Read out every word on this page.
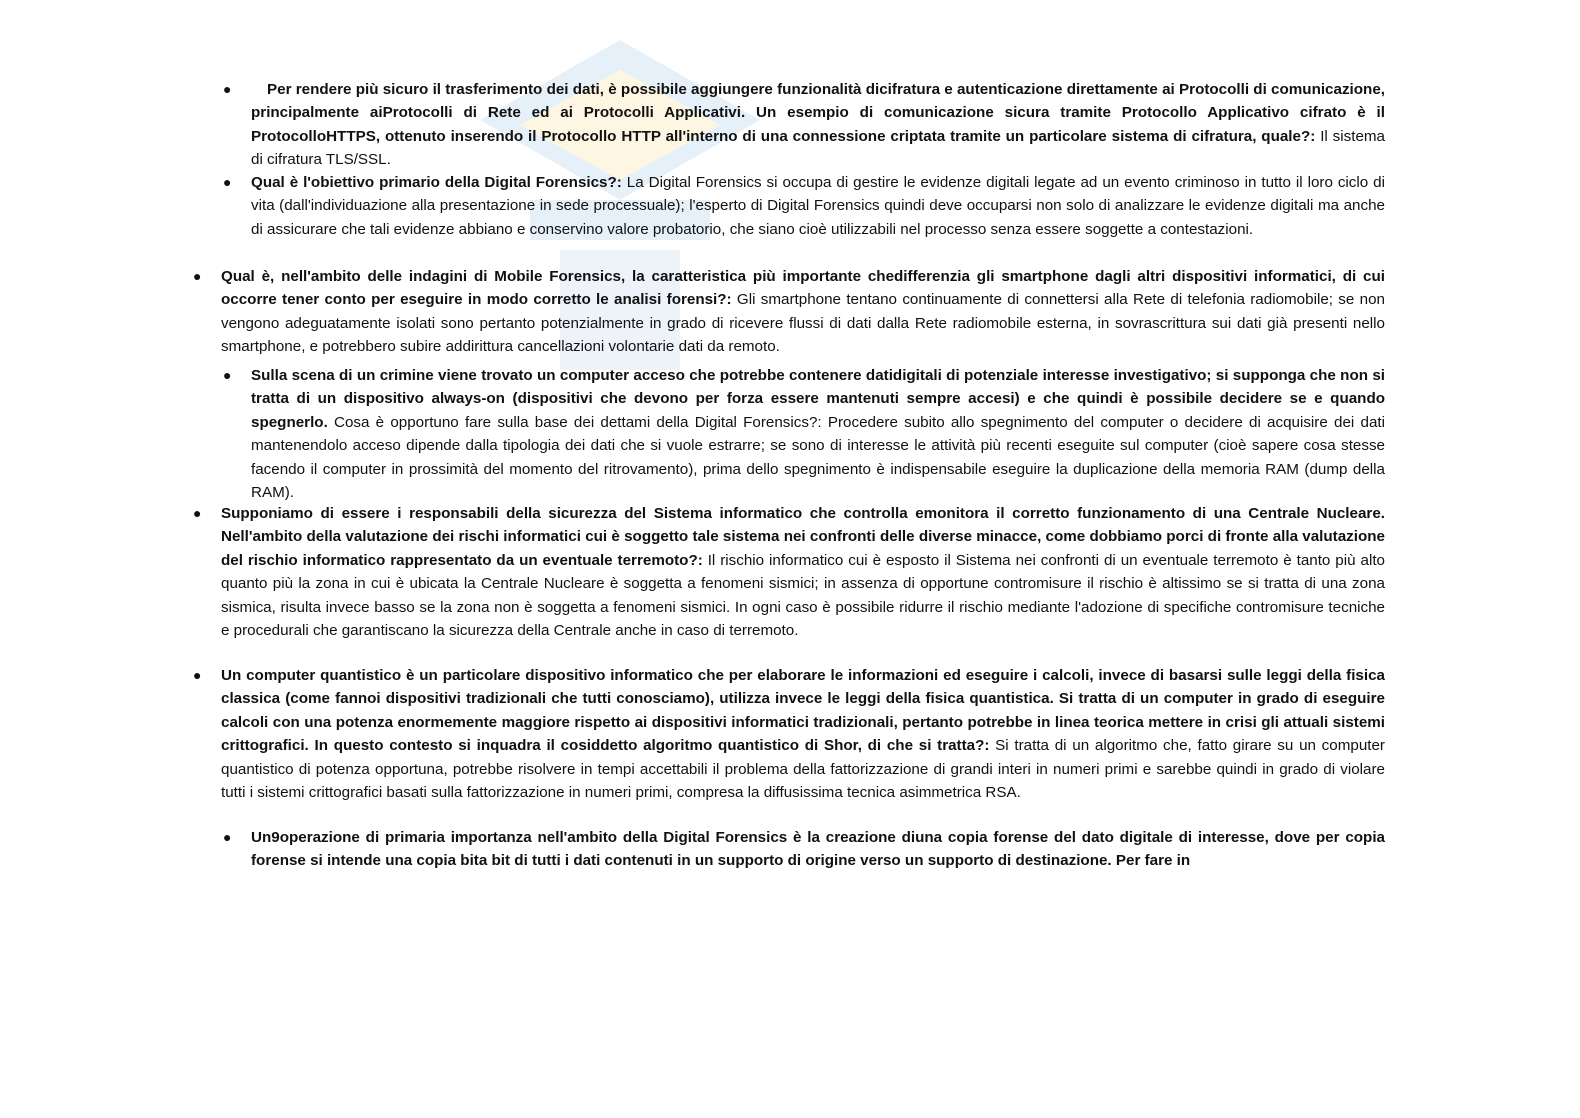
●	Per rendere più sicuro il trasferimento dei dati, è possibile aggiungere funzionalità dicifratura e autenticazione direttamente ai Protocolli di comunicazione, principalmente aiProtocolli di Rete ed ai Protocolli Applicativi. Un esempio di comunicazione sicura tramite Protocollo Applicativo cifrato è il ProtocolloHTTPS, ottenuto inserendo il Protocollo HTTP all'interno di una connessione criptata tramite un particolare sistema di cifratura, quale?: Il sistema di cifratura TLS/SSL.

● Qual è l'obiettivo primario della Digital Forensics?: La Digital Forensics si occupa di gestire le evidenze digitali legate ad un evento criminoso in tutto il loro ciclo di vita (dall'individuazione alla presentazione in sede processuale); l'esperto di Digital Forensics quindi deve occuparsi non solo di analizzare le evidenze digitali ma anche di assicurare che tali evidenze abbiano e conservino valore probatorio, che siano cioè utilizzabili nel processo senza essere soggette a contestazioni.

● Qual è, nell'ambito delle indagini di Mobile Forensics, la caratteristica più importante chedifferenzia gli smartphone dagli altri dispositivi informatici, di cui occorre tener conto per eseguire in modo corretto le analisi forensi?: Gli smartphone tentano continuamente di connettersi alla Rete di telefonia radiomobile; se non vengono adeguatamente isolati sono pertanto potenzialmente in grado di ricevere flussi di dati dalla Rete radiomobile esterna, in sovrascrittura sui dati già presenti nello smartphone, e potrebbero subire addirittura cancellazioni volontarie dati da remoto.

● Sulla scena di un crimine viene trovato un computer acceso che potrebbe contenere datidigitali di potenziale interesse investigativo; si supponga che non si tratta di un dispositivo always-on (dispositivi che devono per forza essere mantenuti sempre accesi) e che quindi è possibile decidere se e quando spegnerlo. Cosa è opportuno fare sulla base dei dettami della Digital Forensics?: Procedere subito allo spegnimento del computer o decidere di acquisire dei dati mantenendolo acceso dipende dalla tipologia dei dati che si vuole estrarre; se sono di interesse le attività più recenti eseguite sul computer (cioè sapere cosa stesse facendo il computer in prossimità del momento del ritrovamento), prima dello spegnimento è indispensabile eseguire la duplicazione della memoria RAM (dump della RAM).

● Supponiamo di essere i responsabili della sicurezza del Sistema informatico che controlla emonitora il corretto funzionamento di una Centrale Nucleare. Nell'ambito della valutazione dei rischi informatici cui è soggetto tale sistema nei confronti delle diverse minacce, come dobbiamo porci di fronte alla valutazione del rischio informatico rappresentato da un eventuale terremoto?: Il rischio informatico cui è esposto il Sistema nei confronti di un eventuale terremoto è tanto più alto quanto più la zona in cui è ubicata la Centrale Nucleare è soggetta a fenomeni sismici; in assenza di opportune contromisure il rischio è altissimo se si tratta di una zona sismica, risulta invece basso se la zona non è soggetta a fenomeni sismici. In ogni caso è possibile ridurre il rischio mediante l'adozione di specifiche contromisure tecniche e procedurali che garantiscano la sicurezza della Centrale anche in caso di terremoto.

● Un computer quantistico è un particolare dispositivo informatico che per elaborare le informazioni ed eseguire i calcoli, invece di basarsi sulle leggi della fisica classica (come fannoi dispositivi tradizionali che tutti conosciamo), utilizza invece le leggi della fisica quantistica. Si tratta di un computer in grado di eseguire calcoli con una potenza enormemente maggiore rispetto ai dispositivi informatici tradizionali, pertanto potrebbe in linea teorica mettere in crisi gli attuali sistemi crittografici. In questo contesto si inquadra il cosiddetto algoritmo quantistico di Shor, di che si tratta?: Si tratta di un algoritmo che, fatto girare su un computer quantistico di potenza opportuna, potrebbe risolvere in tempi accettabili il problema della fattorizzazione di grandi interi in numeri primi e sarebbe quindi in grado di violare tutti i sistemi crittografici basati sulla fattorizzazione in numeri primi, compresa la diffusissima tecnica asimmetrica RSA.

● Un9operazione di primaria importanza nell'ambito della Digital Forensics è la creazione diuna copia forense del dato digitale di interesse, dove per copia forense si intende una copia bita bit di tutti i dati contenuti in un supporto di origine verso un supporto di destinazione. Per fare in
